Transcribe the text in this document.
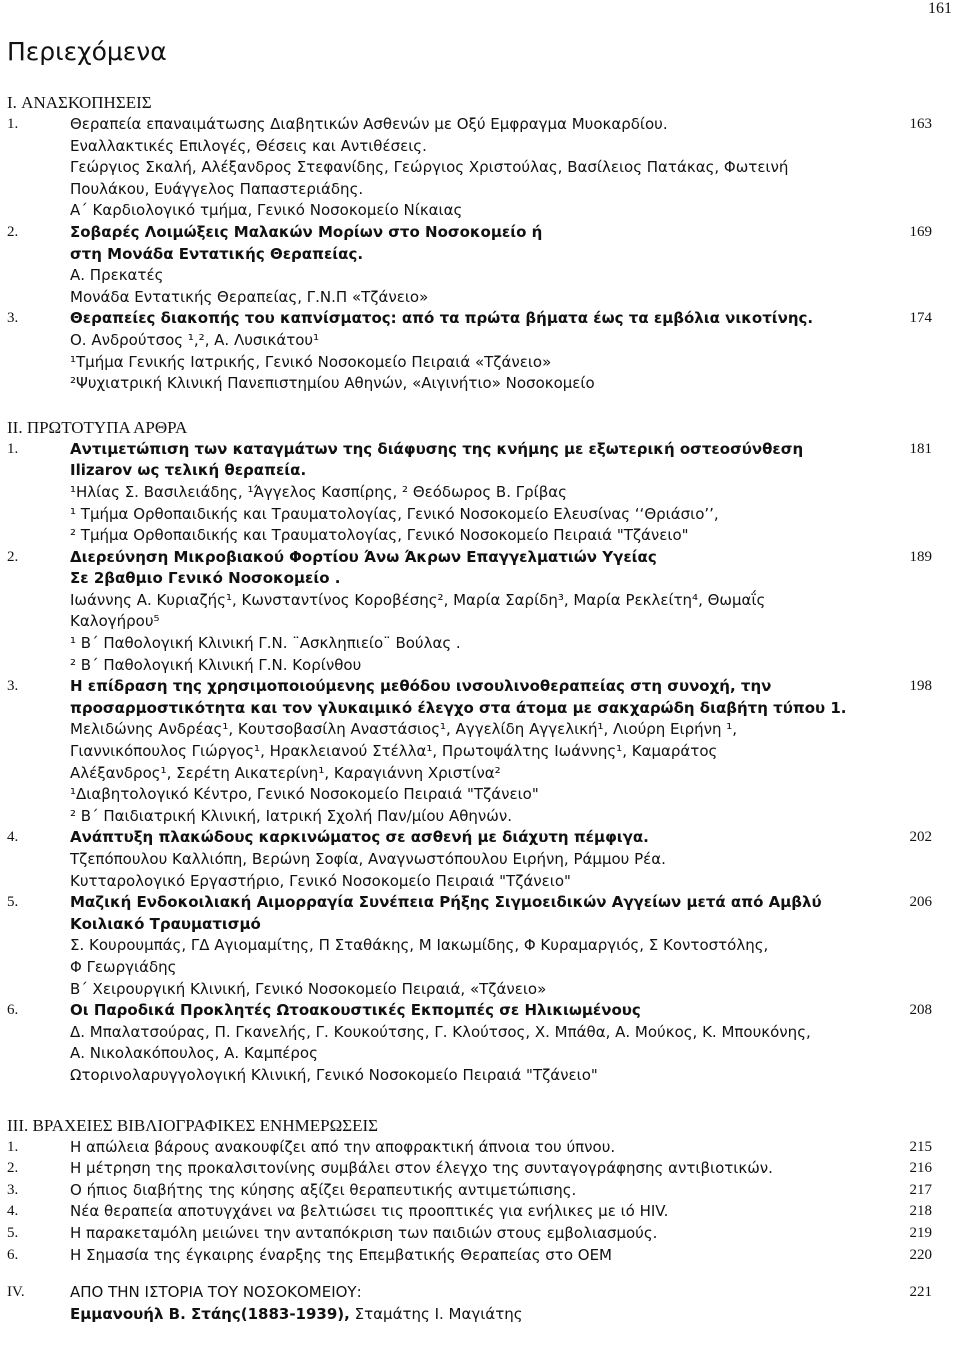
161
Περιεχόμενα
I. ΑΝΑΣΚΟΠΗΣΕΙΣ
1.	Θεραπεία επαναιμάτωσης Διαβητικών Ασθενών με Οξύ Εμφραγμα Μυοκαρδίου.
Εναλλακτικές Επιλογές, Θέσεις και Αντιθέσεις.
Γεώργιος Σκαλή, Αλέξανδρος Στεφανίδης, Γεώργιος Χριστούλας, Βασίλειος Πατάκας, Φωτεινή
Πουλάκου, Ευάγγελος Παπαστεριάδης.
Α΄ Καρδιολογικό τμήμα, Γενικό Νοσοκομείο Νίκαιας
163
2.	Σοβαρές Λοιμώξεις Μαλακών Μορίων στο Νοσοκομείο ή
στη Μονάδα Εντατικής Θεραπείας.
Α. Πρεκατές
Μονάδα Εντατικής Θεραπείας, Γ.Ν.Π «Τζάνειο»
169
3.	Θεραπείες διακοπής του καπνίσματος: από τα πρώτα βήματα έως τα εμβόλια νικοτίνης.
Ο. Ανδρούτσος ¹,²‚ Α. Λυσικάτου¹
¹Τμήμα Γενικής Ιατρικής, Γενικό Νοσοκομείο Πειραιά «Τζάνειο»
²Ψυχιατρική Κλινική Πανεπιστημίου Αθηνών, «Αιγινήτιο» Νοσοκομείο
174
II. ΠΡΩΤΟΤΥΠΑ ΑΡΘΡΑ
1.	Αντιμετώπιση των καταγμάτων της διάφυσης της κνήμης με εξωτερική οστεοσύνθεση
Ilizarov ως τελική θεραπεία.
¹Ηλίας Σ. Βασιλειάδης, ¹Άγγελος Κασπίρης, ² Θεόδωρος Β. Γρίβας
¹ Τμήμα Ορθοπαιδικής και Τραυματολογίας, Γενικό Νοσοκομείο Ελευσίνας ‘‘Θριάσιο’’,
² Τμήμα Ορθοπαιδικής και Τραυματολογίας, Γενικό Νοσοκομείο Πειραιά "Τζάνειο"
181
2.	Διερεύνηση Μικροβιακού Φορτίου Άνω Άκρων Επαγγελματιών Υγείας
Σε 2βαθμιο Γενικό Νοσοκομείο .
Ιωάννης Α. Κυριαζής¹, Κωνσταντίνος Κοροβέσης², Μαρία Σαρίδη³, Μαρία Ρεκλείτη⁴, Θωμαΐς
Καλογήρου⁵
¹ Β΄ Παθολογική Κλινική Γ.Ν. ¨Ασκληπιείο¨ Βούλας .
² Β΄ Παθολογική Κλινική Γ.Ν. Κορίνθου
189
3.	Η επίδραση της χρησιμοποιούμενης μεθόδου ινσουλινοθεραπείας στη συνοχή, την
προσαρμοστικότητα και τον γλυκαιμικό έλεγχο στα άτομα με σακχαρώδη διαβήτη τύπου 1.
Μελιδώνης Ανδρέας¹, Κουτσοβασίλη Αναστάσιος¹, Αγγελίδη Αγγελική¹, Λιούρη Ειρήνη ¹,
Γιαννικόπουλος Γιώργος¹, Ηρακλειανού Στέλλα¹, Πρωτοψάλτης Ιωάννης¹, Καμαράτος
Αλέξανδρος¹, Σερέτη Αικατερίνη¹, Καραγιάννη Χριστίνα²
¹Διαβητολογικό Κέντρο, Γενικό Νοσοκομείο Πειραιά "Τζάνειο"
² Β΄ Παιδιατρική Κλινική, Ιατρική Σχολή Παν/μίου Αθηνών.
198
4.	Ανάπτυξη πλακώδους καρκινώματος σε ασθενή με διάχυτη πέμφιγα.
Τζεπόπουλου Καλλιόπη, Βερώνη Σοφία, Αναγνωστόπουλου Ειρήνη, Ράμμου Ρέα.
Κυτταρολογικό Εργαστήριο, Γενικό Νοσοκομείο Πειραιά "Τζάνειο"
202
5.	Μαζική Ενδοκοιλιακή Αιμορραγία Συνέπεια Ρήξης Σιγμοειδικών Αγγείων μετά από Αμβλύ
Κοιλιακό Τραυματισμό
Σ. Κουρουμπάς, ΓΔ Αγιομαμίτης, Π Σταθάκης, Μ Ιακωμίδης, Φ Κυραμαργιός, Σ Κοντοστόλης,
Φ Γεωργιάδης
Β΄ Χειρουργική Κλινική, Γενικό Νοσοκομείο Πειραιά, «Τζάνειο»
206
6.	Οι Παροδικά Προκλητές Ωτοακουστικές Εκπομπές σε Ηλικιωμένους
Δ. Μπαλατσούρας, Π. Γκανελής, Γ. Κουκούτσης, Γ. Κλούτσος, Χ. Μπάθα, Α. Μούκος, Κ. Μπουκόνης,
Α. Νικολακόπουλος, Α. Καμπέρος
Ωτορινολαρυγγολογική Κλινική, Γενικό Νοσοκομείο Πειραιά "Τζάνειο"
208
III. ΒΡΑΧΕΙΕΣ ΒΙΒΛΙΟΓΡΑΦΙΚΕΣ ΕΝΗΜΕΡΩΣΕΙΣ
1.	Η απώλεια βάρους ανακουφίζει από την αποφρακτική άπνοια του ύπνου.	215
2.	Η μέτρηση της προκαλσιτονίνης συμβάλει στον έλεγχο της συνταγογράφησης αντιβιοτικών.	216
3.	Ο ήπιος διαβήτης της κύησης αξίζει θεραπευτικής αντιμετώπισης.	217
4.	Νέα θεραπεία αποτυγχάνει να βελτιώσει τις προοπτικές για ενήλικες με ιό HIV.	218
5.	Η παρακεταμόλη μειώνει την ανταπόκριση των παιδιών στους εμβολιασμούς.	219
6.	Η Σημασία της έγκαιρης έναρξης της Επεμβατικής Θεραπείας στο ΟΕΜ	220
IV.	ΑΠΟ ΤΗΝ ΙΣΤΟΡΙΑ ΤΟΥ ΝΟΣΟΚΟΜΕΙΟΥ:
Εμμανουήλ Β. Στάης(1883-1939), Σταμάτης Ι. Μαγιάτης
221
